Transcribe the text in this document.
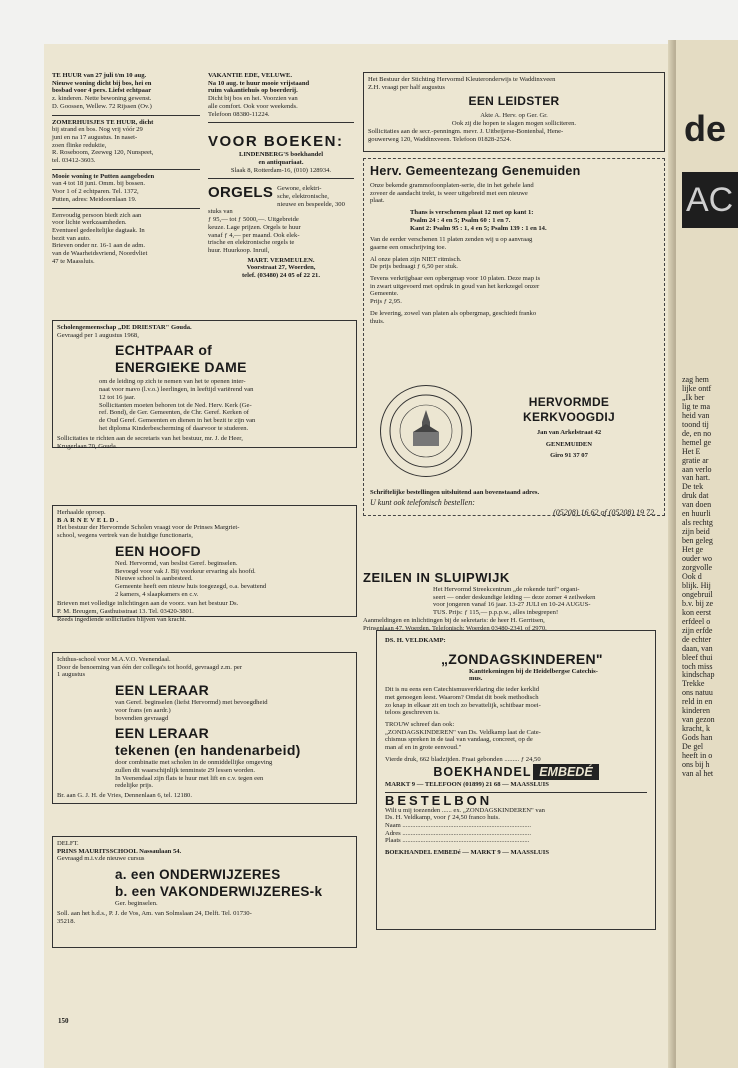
TE HUUR van 27 juli t/m 10 aug.
Nieuwe woning dicht bij bos, hei en
bosbad voor 4 pers. Liefst echtpaar
z. kinderen. Nette bewoning gewenst.
D. Goossen, Wellew. 72 Rijssen (Ov.)
ZOMERHUISJES TE HUUR, dicht
bij strand en bos. Nog vrij vóór 29
juni en na 17 augustus. In naset-
zoen flinke reduktie,
R. Roseboom, Zeeweg 120, Nunspeet,
tel. 03412-3603.
Mooie woning te Putten aangeboden
van 4 tot 18 juni. Omm. bij bossen.
Voor 1 of 2 echtparen. Tel. 1372,
Putten, adres: Meidoornlaan 19.
Eenvoudig persoon biedt zich aan
voor lichte werkzaamheden.
Eventueel gedeeltelijke dagtaak. In
bezit van auto.
Brieven onder nr. 16-1 aan de adm.
van de Waarheidsvriend, Noordvliet
47 te Maassluis.
VAKANTIE EDE, VELUWE.
Na 10 aug. te huur mooie vrijstaand
ruim vakantiehuis op boerderij.
Dicht bij bos en hei. Voorzien van
alle comfort. Ook voor weekends.
Telefoon 08380-11224.
VOOR BOEKEN:
LINDENBERG'S boekhandel
en antiquariaat.
Slaak 8, Rotterdam-16, (010) 128934.
ORGELS Gewone, elektri-
sche, elektronische,
nieuwe en bespeelde, 300 stuks van
ƒ 95,— tot ƒ 5000,—. Uitgebreide
keuze. Lage prijzen. Orgels te huur
vanaf ƒ 4,— per maand. Ook elek-
trische en elektronische orgels te
huur. Huurkoop. Inruil,
MART. VERMEULEN.
Voorstraat 27, Woerden,
telef. (03480) 24 05 of 22 21.
Scholengemeenschap „DE DRIESTAR" Gouda.
Gevraagd per 1 augustus 1968,
ECHTPAAR of
ENERGIEKE DAME
om de leiding op zich te nemen van het te openen inter-
naat voor mavo (l.v.o.) leerlingen, in leeftijd variërend van
12 tot 16 jaar.
Sollicitanten moeten behoren tot de Ned. Herv. Kerk (Ge-
ref. Bond), de Ger. Gemeenten, de Chr. Geref. Kerken of
de Oud Geref. Gemeenten en dienen in het bezit te zijn van
het diploma Kinderbescherming of daarvoor te studeren.
Sollicitaties te richten aan de secretaris van het bestuur, mr. J. de Heer,
Krugerlaan 70, Gouda.
Herhaalde oproep.
BARNEVELD.
Het bestuur der Hervormde Scholen vraagt voor de Prinses Margriet-
school, wegens vertrek van de huidige functionaris,
EEN HOOFD
Ned. Hervormd, van beslist Geref. beginselen.
Bevoegd voor vak J. Bij voorkeur ervaring als hoofd.
Nieuwe school is aanbesteed.
Gemeente heeft een nieuw huis toegezegd, o.a. bevattend
2 kamers, 4 slaapkamers en c.v.
Brieven met volledige inlichtingen aan de voorz. van het bestuur Ds.
P. M. Breugem, Gasthuisstraat 13. Tel. 03420-3801.
Reeds ingediende sollicitaties blijven van kracht.
Ichthus-school voor M.A.V.O. Veenendaal.
Door de benoeming van één der collega's tot hoofd, gevraagd z.m. per
1 augustus
EEN LERAAR
van Geref. beginselen (liefst Hervormd) met bevoegdheid
voor frans (en aardr.)
bovendien gevraagd
EEN LERAAR
tekenen (en handenarbeid)
door combinatie met scholen in de onmiddellijke omgeving
zullen dit waarschijnlijk tenminste 29 lessen worden.
In Veenendaal zijn flats te huur met lift en c.v. tegen een
redelijke prijs.
Br. aan G. J. H. de Vries, Dennenlaan 6, tel. 12180.
DELFT.
PRINS MAURITSSCHOOL Nassaulaan 54.
Gevraagd m.i.v.de nieuwe cursus
a. een ONDERWIJZERES
b. een VAKONDERWIJZERES-k
Ger. beginselen.
Soll. aan het h.d.s., P. J. de Vos, Am. van Solmslaan 24, Delft. Tel. 01730-
35218.
Het Bestuur der Stichting Hervormd Kleuteronderwijs te Waddinxveen
Z.H. vraagt per half augustus
EEN LEIDSTER
Akte A. Herv. op Ger. Gr.
Ook zij die hopen te slagen mogen solliciteren.
Sollicitaties aan de secr.-penningm. mevr. J. Uitbeijerse-Bontenbal, Hene-
gouwerweg 120, Waddinxveen. Telefoon 01828-2524.
Herv. Gemeentezang Genemuiden
Onze bekende grammofoonplaten-serie, die in het gehele land
zoveer de aandacht trekt, is weer uitgebreid met een nieuwe
plaat.
Thans is verschenen plaat 12 met op kant 1:
Psalm 24 : 4 en 5; Psalm 60 : 1 en 7.
Kant 2: Psalm 95 : 1, 4 en 5; Psalm 139 : 1 en 14.
Van de eerder verschenen 11 platen zenden wij u op aanvraag
gaarne een omschrijving toe.
Al onze platen zijn NIET ritmisch.
De prijs bedraagt ƒ 6,50 per stuk.
Tevens verkrijgbaar een opbergmap voor 10 platen. Deze map is
in zwart uitgevoerd met opdruk in goud van het kerkzegel onzer
Gemeente.
Prijs ƒ 2,95.
De levering, zowel van platen als opbergmap, geschiedt franko
thuis.
HERVORMDE
KERKVOOGDIJ
Jan van Arkelstraat 42
GENEMUIDEN
Giro 91 37 07
Schriftelijke bestellingen uitsluitend aan bovenstaand adres.
U kunt ook telefonisch bestellen:
(05208) 16 62 of (05208) 19 72.
ZEILEN IN SLUIPWIJK
Het Hervormd Streekcentrum „de rokende turf" organi-
seert — onder deskundige leiding — deze zomer 4 zeilweken
voor jongeren vanaf 16 jaar. 13-27 JULI en 10-24 AUGUS-
TUS. Prijs: ƒ 115,— p.p.p.w., alles inbegrepen!
Aanmeldingen en inlichtingen bij de sekretaris: de heer H. Gerritsen,
Prinsenlaan 47, Woerden. Telefonisch: Woerden 03480-2341 of 2970.
DS. H. VELDKAMP:
„ZONDAGSKINDEREN"
Kanttekeningen bij de Heidelbergse Catechis-
mus.
Dit is nu eens een Catechismusverklaring die ieder kerklid
met genoegen leest. Waarom? Omdat dit boek methodisch
zo knap in elkaar zit en toch zo bevattelijk, schitbaar moei-
teloos geschreven is.
TROUW schreef dan ook:
„ZONDAGSKINDEREN" van Ds. Veldkamp laat de Cate-
chismus spreken in de taal van vandaag, concreet, op de
man af en in grote eenvoud."
Vierde druk, 662 bladzijden. Fraai gebonden ......... ƒ 24,50
BOEKHANDEL EMBEDÉ
MARKT 9 — TELEFOON (01899) 21 68 — MAASSLUIS
BESTELBON
Wilt u mij toezenden ...... ex. „ZONDAGSKINDEREN" van
Ds. H. Veldkamp, voor ƒ 24,50 franco huis.
Naam ..............................................................................
Adres ..............................................................................
Plaats .............................................................................
BOEKHANDEL EMBEDé — MARKT 9 — MAASSLUIS
150
de
AC
zag hem
lijke ontf
„Ik ber
lig te ma
heid van
toond tij
de, en no
hemel ge
Het E
gratie ar
aan verlo
van hart.
De tek
druk dat
van doen
en huurli
als rechtg
zijn beid
ben geleg
Het ge
ouder wo
zorgvolle
Ook d
blijk. Hij
ongebruil
b.v. bij ze
kon eerst
erfdeel o
zijn erfde
de echter
daan, van
bleef thui
toch miss
kindschap
Trekke
ons natuu
reld in en
kinderen
van gezon
kracht, k
Gods han
De gel
heeft in o
ons bij h
van al het
